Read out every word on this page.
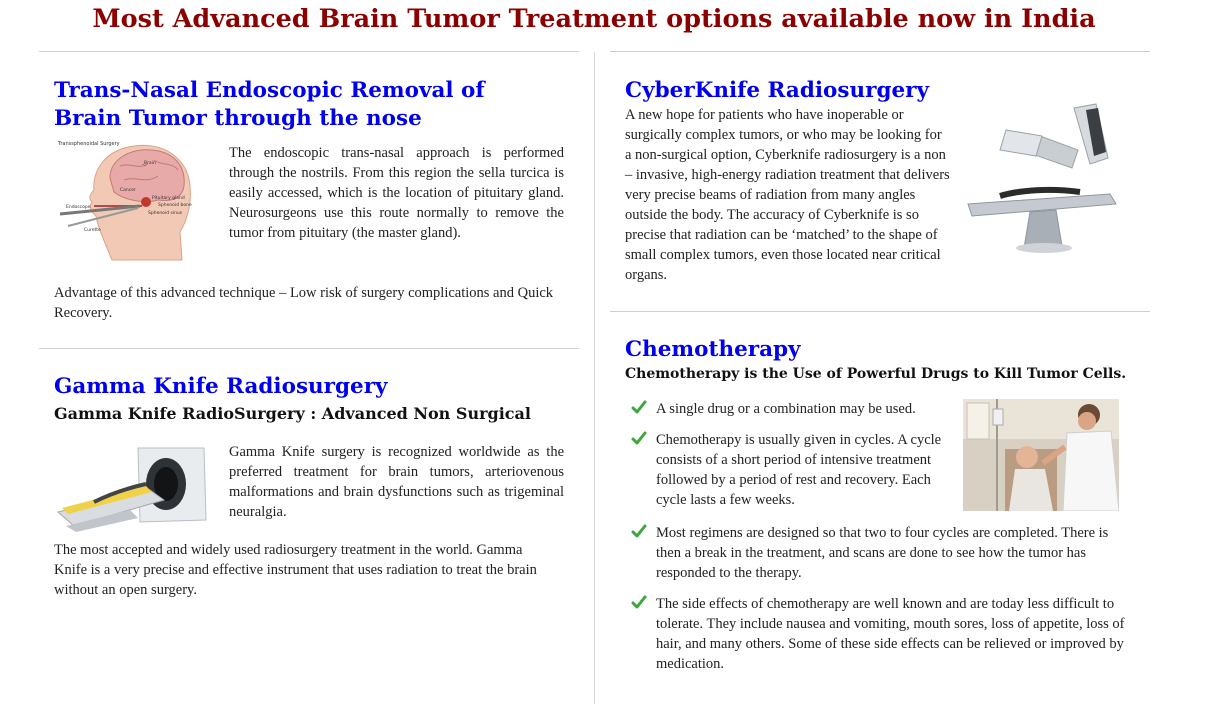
Most Advanced Brain Tumor Treatment options available now in India
Trans-Nasal Endoscopic Removal of
Brain Tumor through the nose
Transsphenoidal Surgery
Brain
Cancer
Pituitary gland
Sphenoid bone
Sphenoid sinus
Endoscope
Curette

The endoscopic trans-nasal approach is performed through the nostrils. From this region the sella turcica is easily accessed, which is the location of pituitary gland. Neurosurgeons use this route normally to remove the tumor from pituitary (the master gland).

Advantage of this advanced technique – Low risk of surgery complications and Quick Recovery.

Gamma Knife Radiosurgery
Gamma Knife RadioSurgery : Advanced Non Surgical

Gamma Knife surgery is recognized worldwide as the preferred treatment for brain tumors, arteriovenous malformations and brain dysfunctions such as trigeminal neuralgia.

The most accepted and widely used radiosurgery treatment in the world. Gamma Knife is a very precise and effective instrument that uses radiation to treat the brain without an open surgery.

CyberKnife Radiosurgery

A new hope for patients who have inoperable or surgically complex tumors, or who may be looking for a non-surgical option, Cyberknife radiosurgery is a non – invasive, high-energy radiation treatment that delivers very precise beams of radiation from many angles outside the body. The accuracy of Cyberknife is so precise that radiation can be ‘matched’ to the shape of small complex tumors, even those located near critical organs.

Chemotherapy
Chemotherapy is the Use of Powerful Drugs to Kill Tumor Cells.
A single drug or a combination may be used.
Chemotherapy is usually given in cycles. A cycle consists of a short period of intensive treatment followed by a period of rest and recovery. Each cycle lasts a few weeks.
Most regimens are designed so that two to four cycles are completed. There is then a break in the treatment, and scans are done to see how the tumor has responded to the therapy.
The side effects of chemotherapy are well known and are today less difficult to tolerate. They include nausea and vomiting, mouth sores, loss of appetite, loss of hair, and many others. Some of these side effects can be relieved or improved by medication.
